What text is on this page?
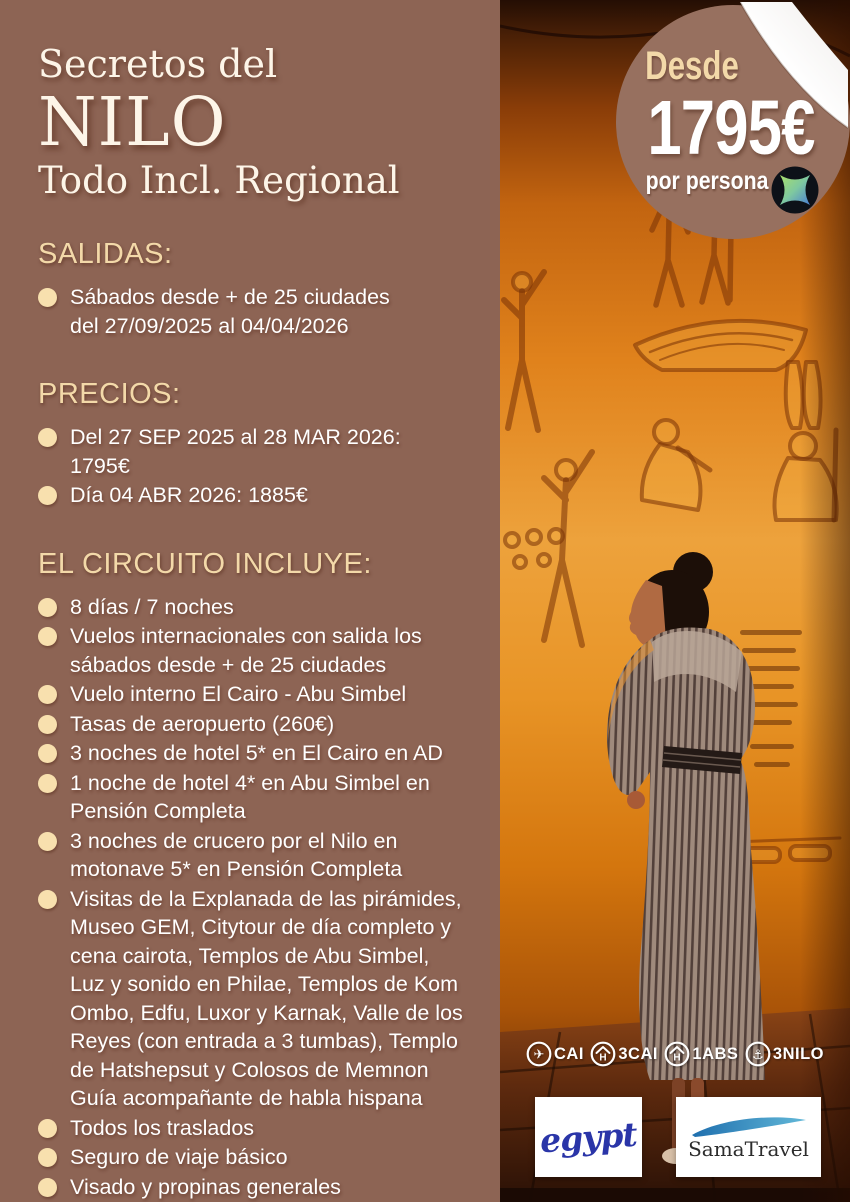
Secretos del
NILO
Todo Incl. Regional
SALIDAS:
Sábados desde + de 25 ciudades del 27/09/2025 al 04/04/2026
PRECIOS:
Del 27 SEP 2025 al 28 MAR 2026: 1795€
Día 04 ABR 2026: 1885€
EL CIRCUITO INCLUYE:
8 días / 7 noches
Vuelos internacionales con salida los sábados desde + de 25 ciudades
Vuelo interno El Cairo - Abu Simbel
Tasas de aeropuerto (260€)
3 noches de hotel 5* en El Cairo en AD
1 noche de hotel 4* en Abu Simbel en Pensión Completa
3 noches de crucero por el Nilo en motonave 5* en Pensión Completa
Visitas de la Explanada de las pirámides, Museo GEM, Citytour de día completo y cena cairota, Templos de Abu Simbel, Luz y sonido en Philae, Templos de Kom Ombo, Edfu, Luxor y Karnak, Valle de los Reyes (con entrada a 3 tumbas), Templo de Hatshepsut y Colosos de Memnon Guía acompañante de habla hispana
Todos los traslados
Seguro de viaje básico
Visado y propinas generales
Desde
1795€
por persona
✈ CAI H 3CAI H 1ABS ⚓ 3NILO
egypt	SamaTravel
